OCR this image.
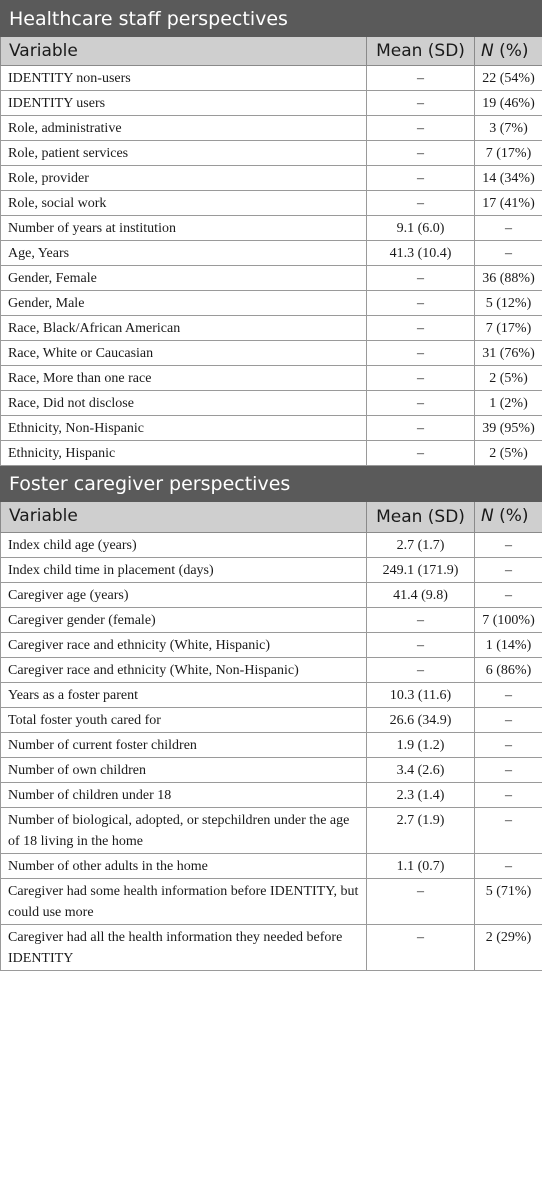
Healthcare staff perspectives		
Variable	Mean (SD)	N (%)
IDENTITY non-users	–	22 (54%)
IDENTITY users	–	19 (46%)
Role, administrative	–	3 (7%)
Role, patient services	–	7 (17%)
Role, provider	–	14 (34%)
Role, social work	–	17 (41%)
Number of years at institution	9.1 (6.0)	–
Age, Years	41.3 (10.4)	–
Gender, Female	–	36 (88%)
Gender, Male	–	5 (12%)
Race, Black/African American	–	7 (17%)
Race, White or Caucasian	–	31 (76%)
Race, More than one race	–	2 (5%)
Race, Did not disclose	–	1 (2%)
Ethnicity, Non-Hispanic	–	39 (95%)
Ethnicity, Hispanic	–	2 (5%)
Foster caregiver perspectives		
Variable	Mean (SD)	N (%)
Index child age (years)	2.7 (1.7)	–
Index child time in placement (days)	249.1 (171.9)	–
Caregiver age (years)	41.4 (9.8)	–
Caregiver gender (female)	–	7 (100%)
Caregiver race and ethnicity (White, Hispanic)	–	1 (14%)
Caregiver race and ethnicity (White, Non-Hispanic)	–	6 (86%)
Years as a foster parent	10.3 (11.6)	–
Total foster youth cared for	26.6 (34.9)	–
Number of current foster children	1.9 (1.2)	–
Number of own children	3.4 (2.6)	–
Number of children under 18	2.3 (1.4)	–
Number of biological, adopted, or stepchildren under the age of 18 living in the home	2.7 (1.9)	–
Number of other adults in the home	1.1 (0.7)	–
Caregiver had some health information before IDENTITY, but could use more	–	5 (71%)
Caregiver had all the health information they needed before IDENTITY	–	2 (29%)
